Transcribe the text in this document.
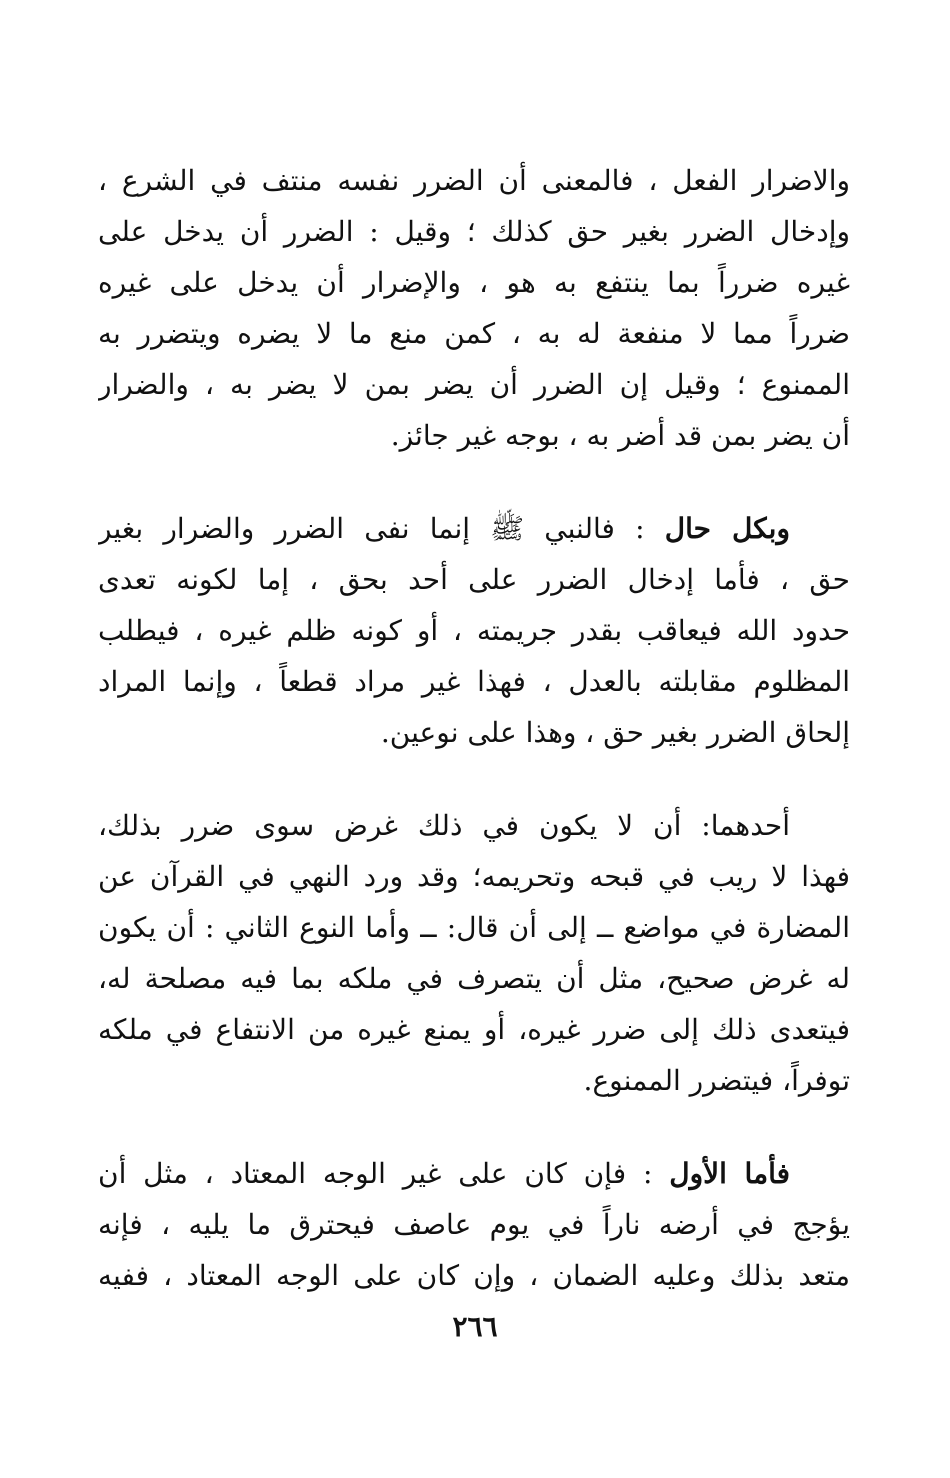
والاضرار الفعل ، فالمعنى أن الضرر نفسه منتف في الشرع ،
وإدخال الضرر بغير حق كذلك ؛ وقيل : الضرر أن يدخل على
غيره ضرراً بما ينتفع به هو ، والإضرار أن يدخل على غيره
ضرراً مما لا منفعة له به ، كمن منع ما لا يضره ويتضرر به
الممنوع ؛ وقيل إن الضرر أن يضر بمن لا يضر به ، والضرار
أن يضر بمن قد أضر به ، بوجه غير جائز.
وبكل حال : فالنبي ﷺ إنما نفى الضرر والضرار بغير
حق ، فأما إدخال الضرر على أحد بحق ، إما لكونه تعدى
حدود الله فيعاقب بقدر جريمته ، أو كونه ظلم غيره ، فيطلب
المظلوم مقابلته بالعدل ، فهذا غير مراد قطعاً ، وإنما المراد
إلحاق الضرر بغير حق ، وهذا على نوعين.
أحدهما: أن لا يكون في ذلك غرض سوى ضرر بذلك،
فهذا لا ريب في قبحه وتحريمه؛ وقد ورد النهي في القرآن عن
المضارة في مواضع ــ إلى أن قال: ــ وأما النوع الثاني : أن يكون
له غرض صحيح، مثل أن يتصرف في ملكه بما فيه مصلحة له،
فيتعدى ذلك إلى ضرر غيره، أو يمنع غيره من الانتفاع في ملكه
توفراً، فيتضرر الممنوع.
فأما الأول : فإن كان على غير الوجه المعتاد ، مثل أن
يؤجج في أرضه ناراً في يوم عاصف فيحترق ما يليه ، فإنه
متعد بذلك وعليه الضمان ، وإن كان على الوجه المعتاد ، ففيه
٢٦٦
